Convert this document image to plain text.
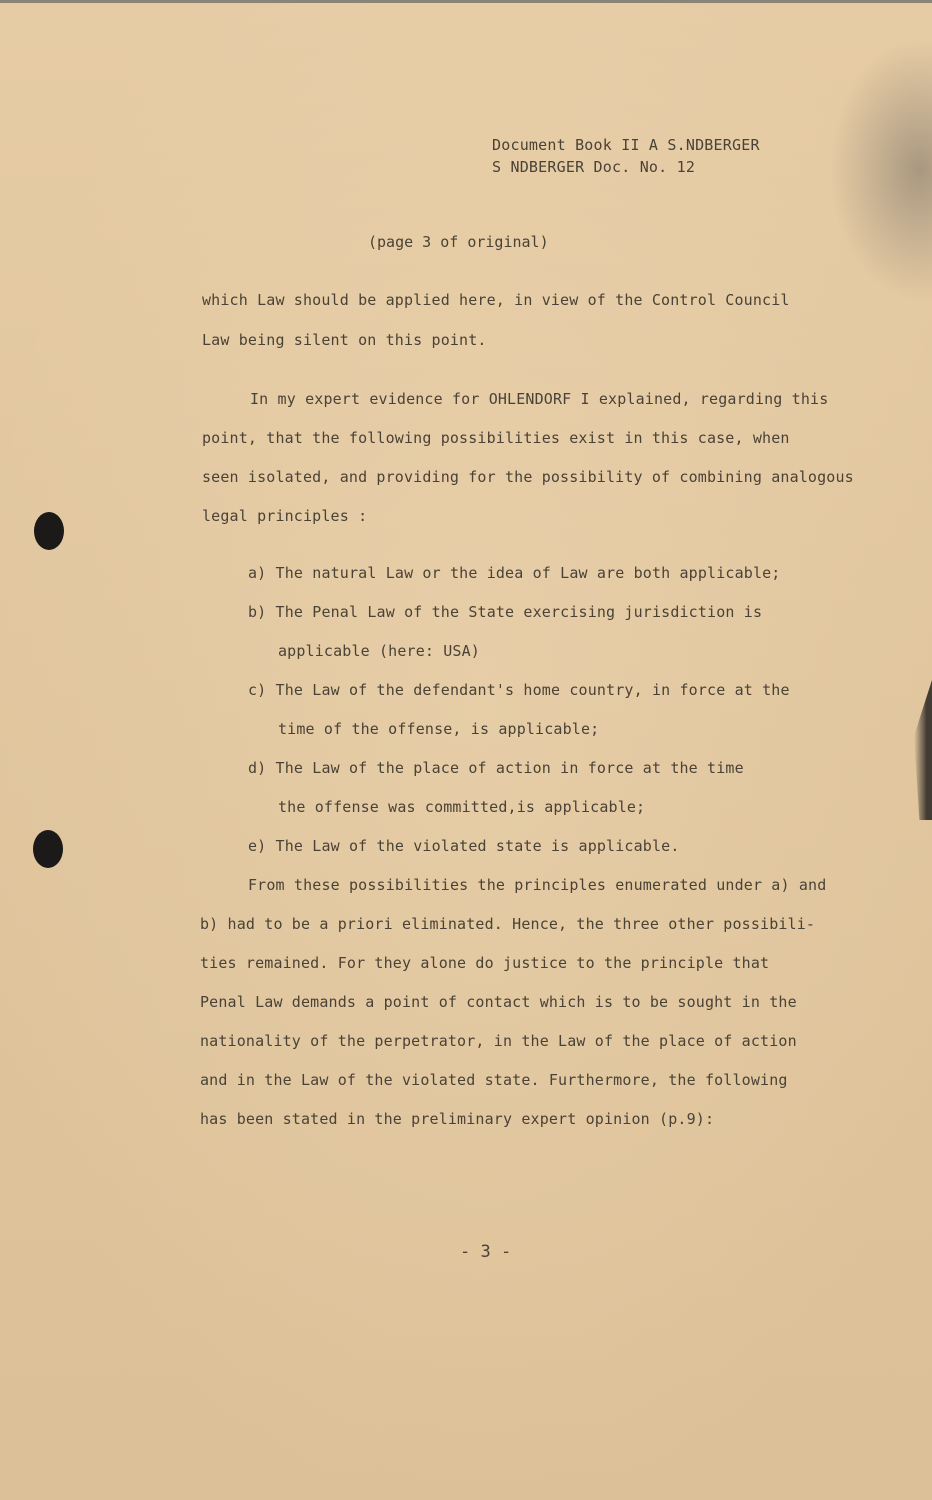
Document Book II A S.NDBERGER
S NDBERGER Doc. No. 12
(page 3 of original)
which Law should be applied here, in view of the Control Council
Law being silent on this point.
In my expert evidence for OHLENDORF I explained, regarding this
point, that the following possibilities exist in this case, when
seen isolated, and providing for the possibility of combining analogous
legal principles :
a) The natural Law or the idea of Law are both applicable;
b) The Penal Law of the State exercising jurisdiction is
applicable (here: USA)
c) The Law of the defendant's home country, in force at the
time of the offense, is applicable;
d) The Law of the place of action in force at the time
the offense was committed,is applicable;
e) The Law of the violated state is applicable.
From these possibilities the principles enumerated under a) and
b) had to be a priori eliminated. Hence, the three other possibili-
ties remained. For they alone do justice to the principle that
Penal Law demands a point of contact which is to be sought in the
nationality of the perpetrator, in the Law of the place of action
and in the Law of the violated state. Furthermore, the following
has been stated in the preliminary expert opinion (p.9):
- 3 -
